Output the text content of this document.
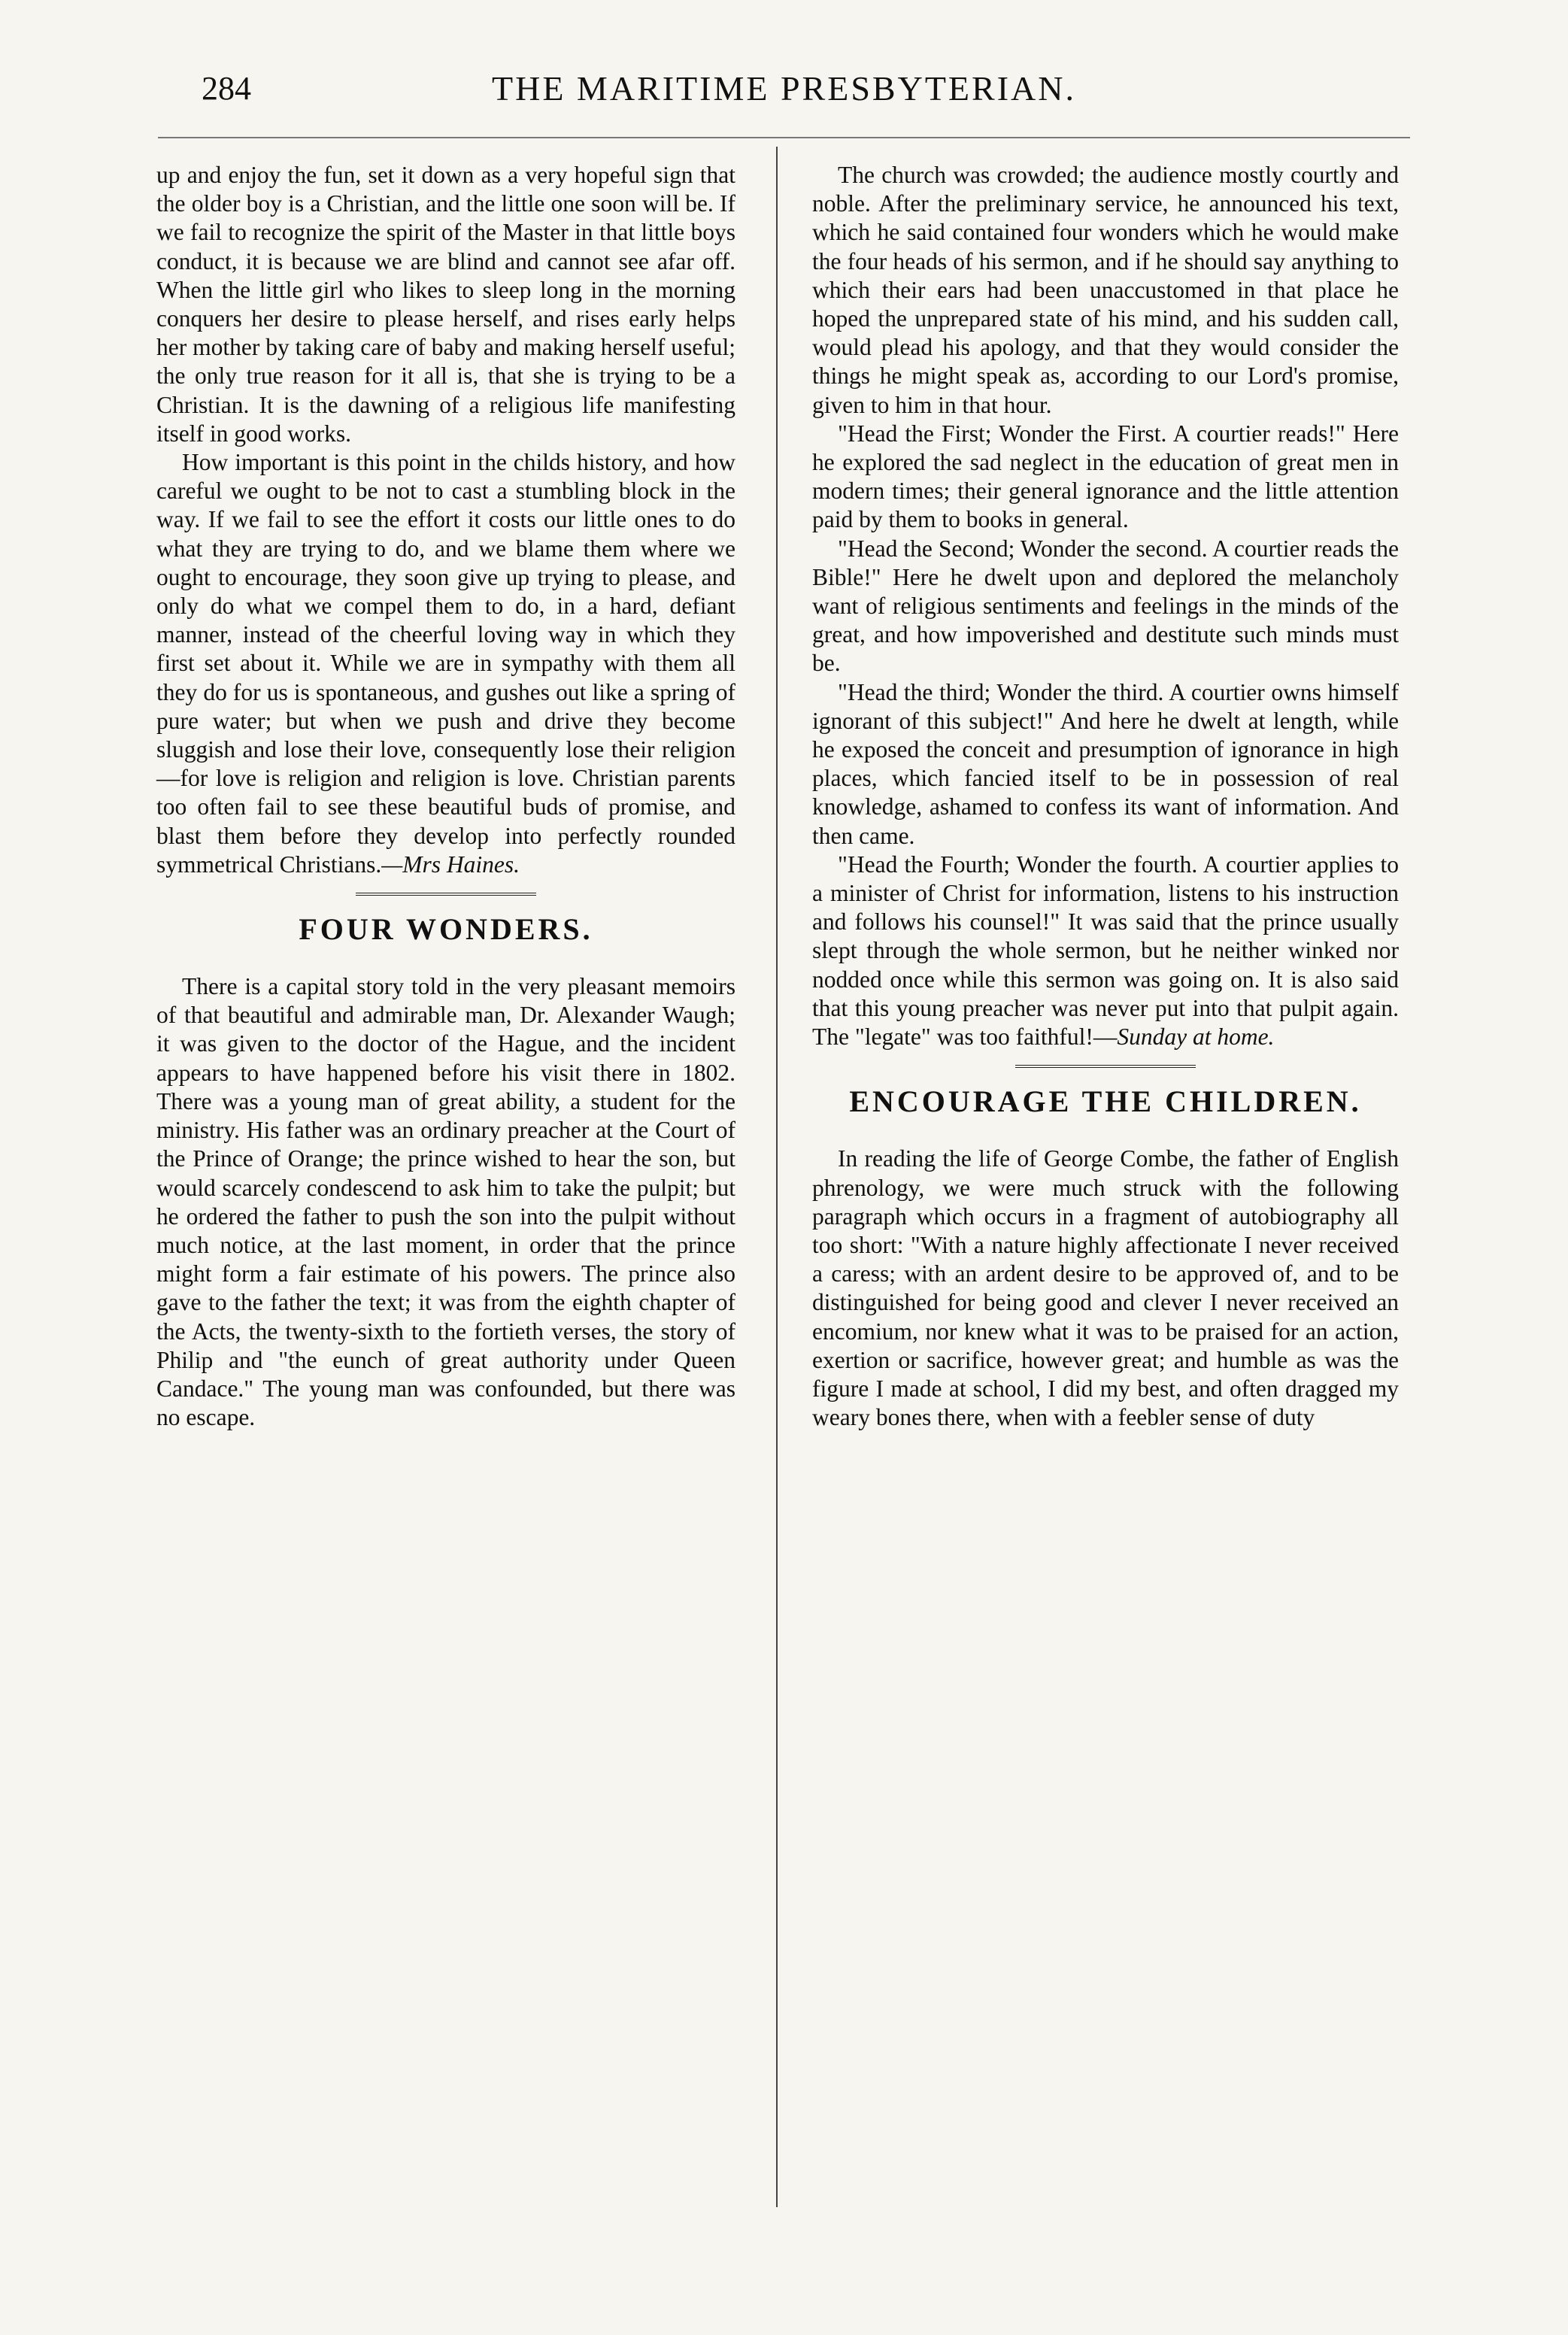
284	THE MARITIME PRESBYTERIAN.

up and enjoy the fun, set it down as a very hopeful sign that the older boy is a Christian, and the little one soon will be. If we fail to recognize the spirit of the Master in that little boys conduct, it is because we are blind and cannot see afar off. When the little girl who likes to sleep long in the morning conquers her desire to please herself, and rises early helps her mother by taking care of baby and making herself useful; the only true reason for it all is, that she is trying to be a Christian. It is the dawning of a religious life manifesting itself in good works.

How important is this point in the childs history, and how careful we ought to be not to cast a stumbling block in the way. If we fail to see the effort it costs our little ones to do what they are trying to do, and we blame them where we ought to encourage, they soon give up trying to please, and only do what we compel them to do, in a hard, defiant manner, instead of the cheerful loving way in which they first set about it. While we are in sympathy with them all they do for us is spontaneous, and gushes out like a spring of pure water; but when we push and drive they become sluggish and lose their love, consequently lose their religion—for love is religion and religion is love. Christian parents too often fail to see these beautiful buds of promise, and blast them before they develop into perfectly rounded symmetrical Christians.—Mrs Haines.

FOUR WONDERS.

There is a capital story told in the very pleasant memoirs of that beautiful and admirable man, Dr. Alexander Waugh; it was given to the doctor of the Hague, and the incident appears to have happened before his visit there in 1802. There was a young man of great ability, a student for the ministry. His father was an ordinary preacher at the Court of the Prince of Orange; the prince wished to hear the son, but would scarcely condescend to ask him to take the pulpit; but he ordered the father to push the son into the pulpit without much notice, at the last moment, in order that the prince might form a fair estimate of his powers. The prince also gave to the father the text; it was from the eighth chapter of the Acts, the twenty-sixth to the fortieth verses, the story of Philip and "the eunch of great authority under Queen Candace." The young man was confounded, but there was no escape.

The church was crowded; the audience mostly courtly and noble. After the preliminary service, he announced his text, which he said contained four wonders which he would make the four heads of his sermon, and if he should say anything to which their ears had been unaccustomed in that place he hoped the unprepared state of his mind, and his sudden call, would plead his apology, and that they would consider the things he might speak as, according to our Lord's promise, given to him in that hour.

"Head the First; Wonder the First. A courtier reads!" Here he explored the sad neglect in the education of great men in modern times; their general ignorance and the little attention paid by them to books in general.

"Head the Second; Wonder the second. A courtier reads the Bible!" Here he dwelt upon and deplored the melancholy want of religious sentiments and feelings in the minds of the great, and how impoverished and destitute such minds must be.

"Head the third; Wonder the third. A courtier owns himself ignorant of this subject!" And here he dwelt at length, while he exposed the conceit and presumption of ignorance in high places, which fancied itself to be in possession of real knowledge, ashamed to confess its want of information. And then came.

"Head the Fourth; Wonder the fourth. A courtier applies to a minister of Christ for information, listens to his instruction and follows his counsel!" It was said that the prince usually slept through the whole sermon, but he neither winked nor nodded once while this sermon was going on. It is also said that this young preacher was never put into that pulpit again. The "legate" was too faithful!—Sunday at home.

ENCOURAGE THE CHILDREN.

In reading the life of George Combe, the father of English phrenology, we were much struck with the following paragraph which occurs in a fragment of autobiography all too short: "With a nature highly affectionate I never received a caress; with an ardent desire to be approved of, and to be distinguished for being good and clever I never received an encomium, nor knew what it was to be praised for an action, exertion or sacrifice, however great; and humble as was the figure I made at school, I did my best, and often dragged my weary bones there, when with a feebler sense of duty
